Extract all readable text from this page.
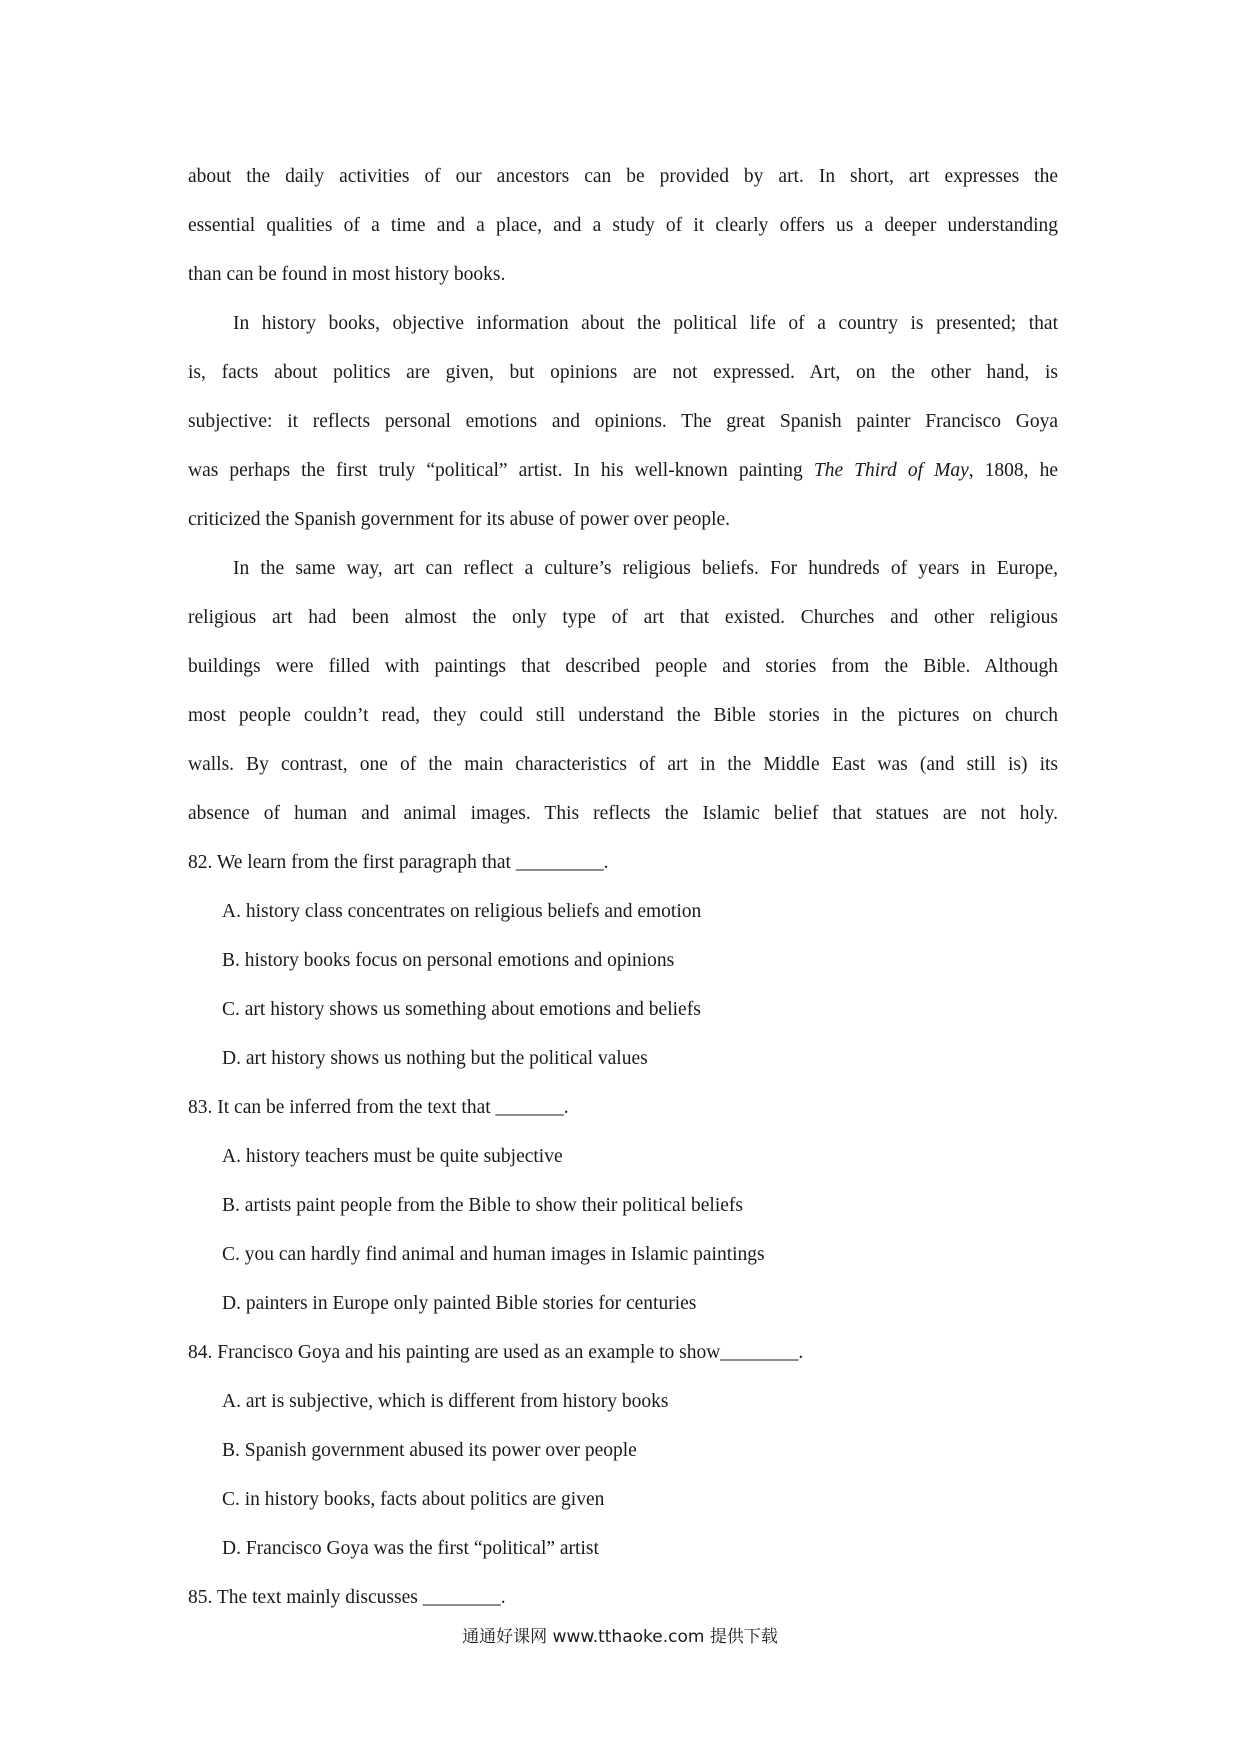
about the daily activities of our ancestors can be provided by art. In short, art expresses the

essential qualities of a time and a place, and a study of it clearly offers us a deeper understanding

than can be found in most history books.

In history books, objective information about the political life of a country is presented; that

is, facts about politics are given, but opinions are not expressed. Art, on the other hand, is

subjective: it reflects personal emotions and opinions. The great Spanish painter Francisco Goya

was perhaps the first truly “political” artist. In his well-known painting The Third of May, 1808, he

criticized the Spanish government for its abuse of power over people.

In the same way, art can reflect a culture’s religious beliefs. For hundreds of years in Europe,

religious art had been almost the only type of art that existed. Churches and other religious

buildings were filled with paintings that described people and stories from the Bible. Although

most people couldn’t read, they could still understand the Bible stories in the pictures on church

walls. By contrast, one of the main characteristics of art in the Middle East was (and still is) its

absence of human and animal images. This reflects the Islamic belief that statues are not holy.

82. We learn from the first paragraph that _________.

A. history class concentrates on religious beliefs and emotion

B. history books focus on personal emotions and opinions

C. art history shows us something about emotions and beliefs

D. art history shows us nothing but the political values

83. It can be inferred from the text that _______.

A. history teachers must be quite subjective

B. artists paint people from the Bible to show their political beliefs

C. you can hardly find animal and human images in Islamic paintings

D. painters in Europe only painted Bible stories for centuries

84. Francisco Goya and his painting are used as an example to show________.

A. art is subjective, which is different from history books

B. Spanish government abused its power over people

C. in history books, facts about politics are given

D. Francisco Goya was the first “political” artist

85. The text mainly discusses ________.

通通好课网 www.tthaoke.com 提供下载
